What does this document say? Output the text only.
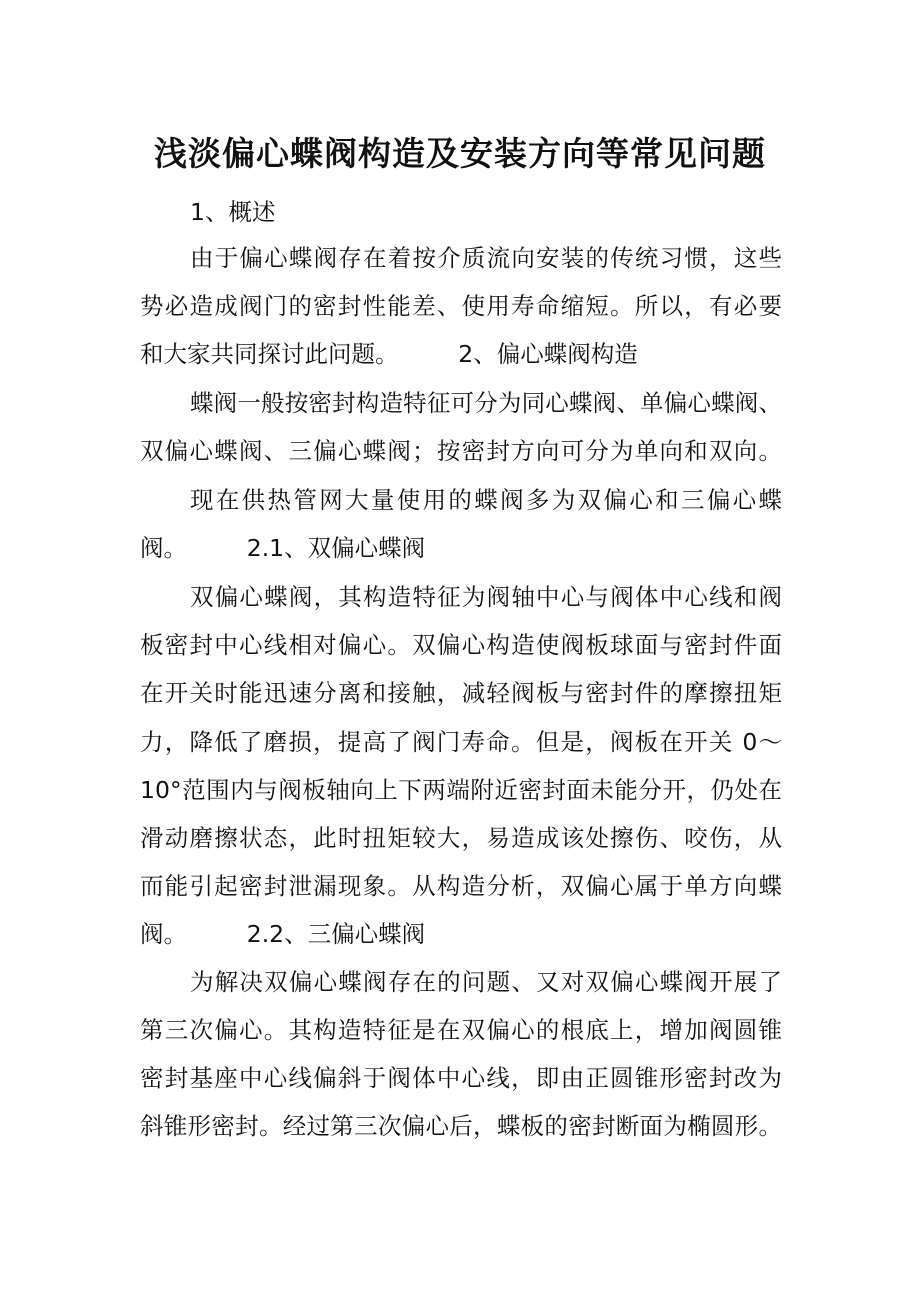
浅淡偏心蝶阀构造及安装方向等常见问题
1、概述
由于偏心蝶阀存在着按介质流向安装的传统习惯，这些
势必造成阀门的密封性能差、使用寿命缩短。所以，有必要
和大家共同探讨此问题。        2、偏心蝶阀构造
蝶阀一般按密封构造特征可分为同心蝶阀、单偏心蝶阀、
双偏心蝶阀、三偏心蝶阀；按密封方向可分为单向和双向。
现在供热管网大量使用的蝶阀多为双偏心和三偏心蝶
阀。        2.1、双偏心蝶阀
双偏心蝶阀，其构造特征为阀轴中心与阀体中心线和阀
板密封中心线相对偏心。双偏心构造使阀板球面与密封件面
在开关时能迅速分离和接触，减轻阀板与密封件的摩擦扭矩
力，降低了磨损，提高了阀门寿命。但是，阀板在开关 0～
10°范围内与阀板轴向上下两端附近密封面未能分开，仍处在
滑动磨擦状态，此时扭矩较大，易造成该处擦伤、咬伤，从
而能引起密封泄漏现象。从构造分析，双偏心属于单方向蝶
阀。        2.2、三偏心蝶阀
为解决双偏心蝶阀存在的问题、又对双偏心蝶阀开展了
第三次偏心。其构造特征是在双偏心的根底上，增加阀圆锥
密封基座中心线偏斜于阀体中心线，即由正圆锥形密封改为
斜锥形密封。经过第三次偏心后，蝶板的密封断面为椭圆形。
